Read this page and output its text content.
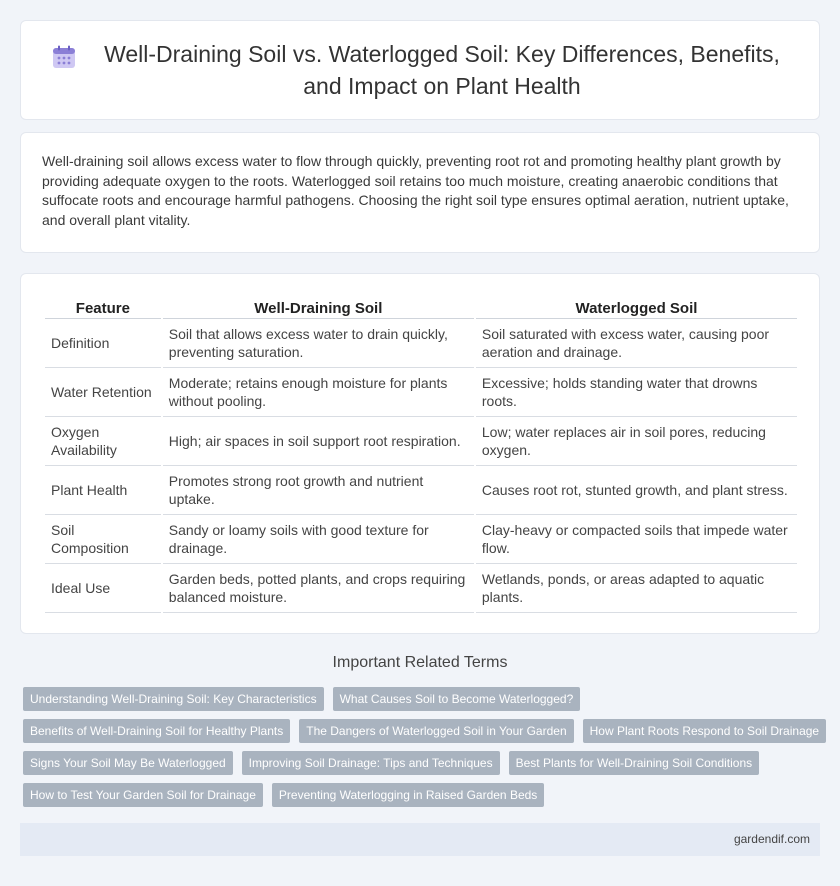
Well-Draining Soil vs. Waterlogged Soil: Key Differences, Benefits, and Impact on Plant Health

Well-draining soil allows excess water to flow through quickly, preventing root rot and promoting healthy plant growth by providing adequate oxygen to the roots. Waterlogged soil retains too much moisture, creating anaerobic conditions that suffocate roots and encourage harmful pathogens. Choosing the right soil type ensures optimal aeration, nutrient uptake, and overall plant vitality.

Feature	Well-Draining Soil	Waterlogged Soil
Definition	Soil that allows excess water to drain quickly, preventing saturation.	Soil saturated with excess water, causing poor aeration and drainage.
Water Retention	Moderate; retains enough moisture for plants without pooling.	Excessive; holds standing water that drowns roots.
Oxygen Availability	High; air spaces in soil support root respiration.	Low; water replaces air in soil pores, reducing oxygen.
Plant Health	Promotes strong root growth and nutrient uptake.	Causes root rot, stunted growth, and plant stress.
Soil Composition	Sandy or loamy soils with good texture for drainage.	Clay-heavy or compacted soils that impede water flow.
Ideal Use	Garden beds, potted plants, and crops requiring balanced moisture.	Wetlands, ponds, or areas adapted to aquatic plants.
Important Related Terms
Understanding Well-Draining Soil: Key Characteristics	What Causes Soil to Become Waterlogged?
Benefits of Well-Draining Soil for Healthy Plants	The Dangers of Waterlogged Soil in Your Garden	How Plant Roots Respond to Soil Drainage
Signs Your Soil May Be Waterlogged	Improving Soil Drainage: Tips and Techniques	Best Plants for Well-Draining Soil Conditions
How to Test Your Garden Soil for Drainage	Preventing Waterlogging in Raised Garden Beds
gardendif.com
